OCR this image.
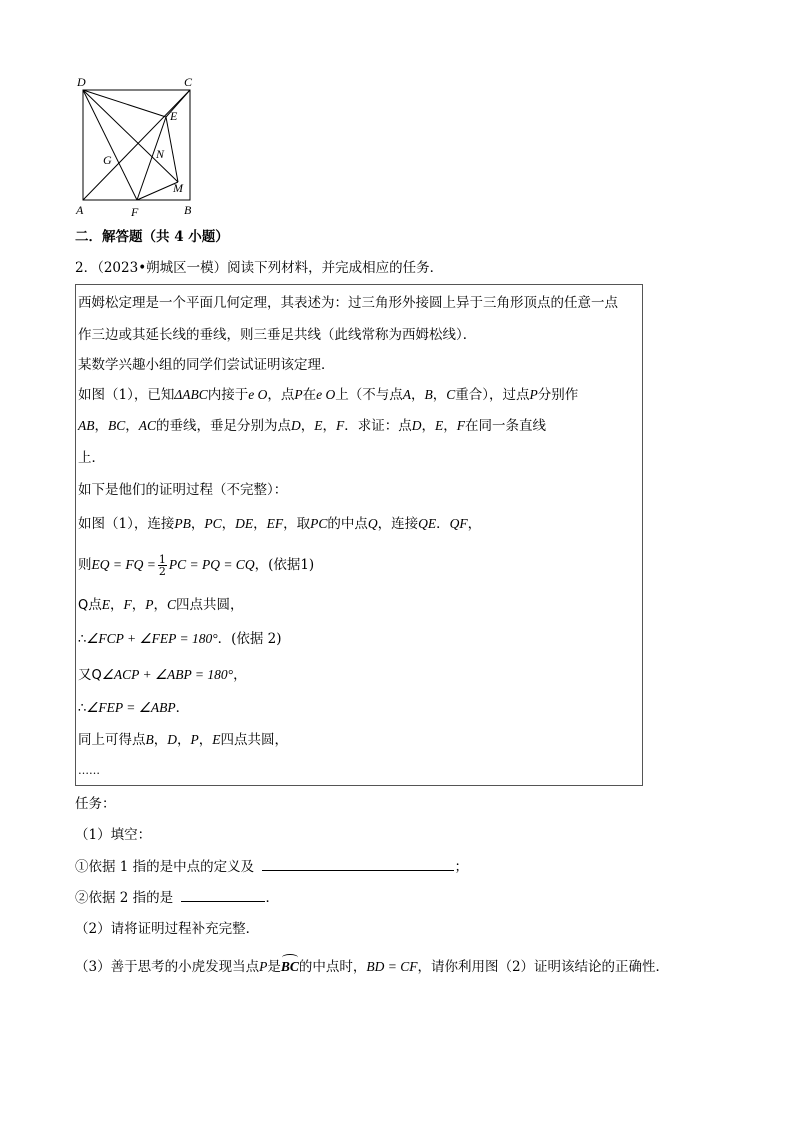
D	C
E
G	N
M
A	F	B
二．解答题（共 4 小题）
2．（2023•朔城区一模）阅读下列材料，并完成相应的任务．
西姆松定理是一个平面几何定理，其表述为：过三角形外接圆上异于三角形顶点的任意一点
作三边或其延长线的垂线，则三垂足共线（此线常称为西姆松线）．
某数学兴趣小组的同学们尝试证明该定理．
如图（1），已知ΔABC内接于e O，点P在e O上（不与点A，B，C重合），过点P分别作
AB，BC，AC的垂线，垂足分别为点D，E，F．求证：点D，E，F在同一条直线
上．
如下是他们的证明过程（不完整）：
如图（1），连接PB，PC，DE，EF，取PC的中点Q，连接QE．QF，
则EQ = FQ = $\frac{1}{2}$ PC = PQ = CQ，(依据1)
Q点E，F，P，C四点共圆，
∴∠FCP + ∠FEP = 180°．(依据 2)
又Q∠ACP + ∠ABP = 180°，
∴∠FEP = ∠ABP．
同上可得点B，D，P，E四点共圆，
……
任务：
（1）填空：
①依据 1 指的是中点的定义及	；
②依据 2 指的是	．
（2）请将证明过程补充完整．
（3）善于思考的小虎发现当点P是BC
的中点时，BD = CF，请你利用图（2）证明该结论的正确性．
